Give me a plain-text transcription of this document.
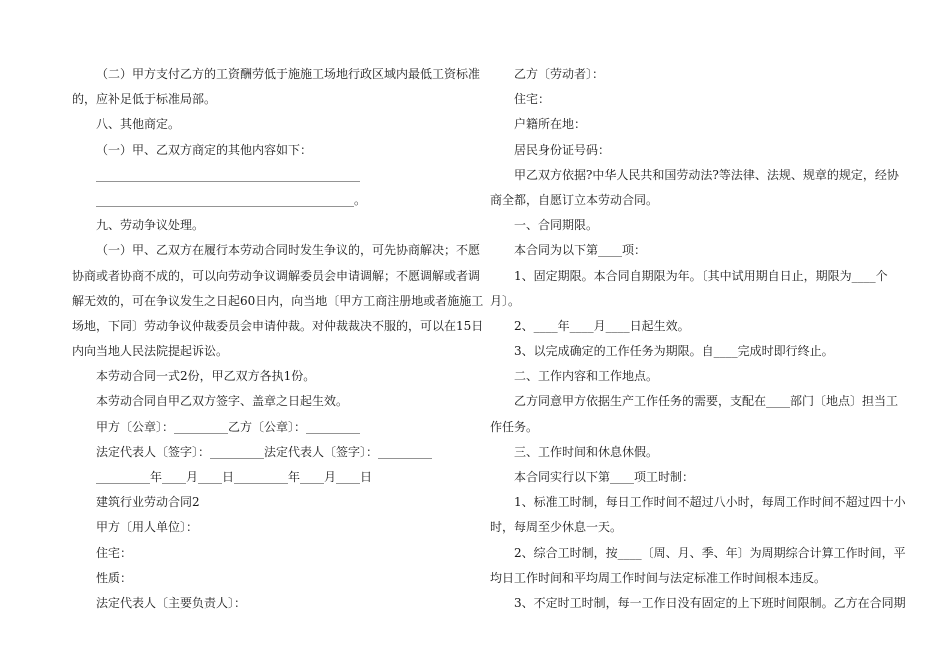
（二）甲方支付乙方的工资酬劳低于施施工场地行政区域内最低工资标准
的，应补足低于标准局部。
八、其他商定。
（一）甲、乙双方商定的其他内容如下：
____________________________________________
___________________________________________。
九、劳动争议处理。
（一）甲、乙双方在履行本劳动合同时发生争议的，可先协商解决；不愿
协商或者协商不成的，可以向劳动争议调解委员会申请调解；不愿调解或者调
解无效的，可在争议发生之日起60日内，向当地〔甲方工商注册地或者施施工
场地，下同〕劳动争议仲裁委员会申请仲裁。对仲裁裁决不服的，可以在15日
内向当地人民法院提起诉讼。
本劳动合同一式2份，甲乙双方各执1份。
本劳动合同自甲乙双方签字、盖章之日起生效。
甲方〔公章〕：_________乙方〔公章〕：_________
法定代表人〔签字〕：_________法定代表人〔签字〕：_________
_________年____月____日_________年____月____日
建筑行业劳动合同2
甲方〔用人单位〕：
住宅：
性质：
法定代表人〔主要负责人〕：
乙方〔劳动者〕：
住宅：
户籍所在地：
居民身份证号码：
甲乙双方依据?中华人民共和国劳动法?等法律、法规、规章的规定，经协
商全都，自愿订立本劳动合同。
一、合同期限。
本合同为以下第____项：
1、固定期限。本合同自期限为年。〔其中试用期自日止，期限为____个
月〕。
2、____年____月____日起生效。
3、以完成确定的工作任务为期限。自____完成时即行终止。
二、工作内容和工作地点。
乙方同意甲方依据生产工作任务的需要，支配在____部门〔地点〕担当工
作任务。
三、工作时间和休息休假。
本合同实行以下第____项工时制：
1、标准工时制，每日工作时间不超过八小时，每周工作时间不超过四十小
时，每周至少休息一天。
2、综合工时制，按____〔周、月、季、年〕为周期综合计算工作时间，平
均日工作时间和平均周工作时间与法定标准工作时间根本违反。
3、不定时工时制，每一工作日没有固定的上下班时间限制。乙方在合同期
